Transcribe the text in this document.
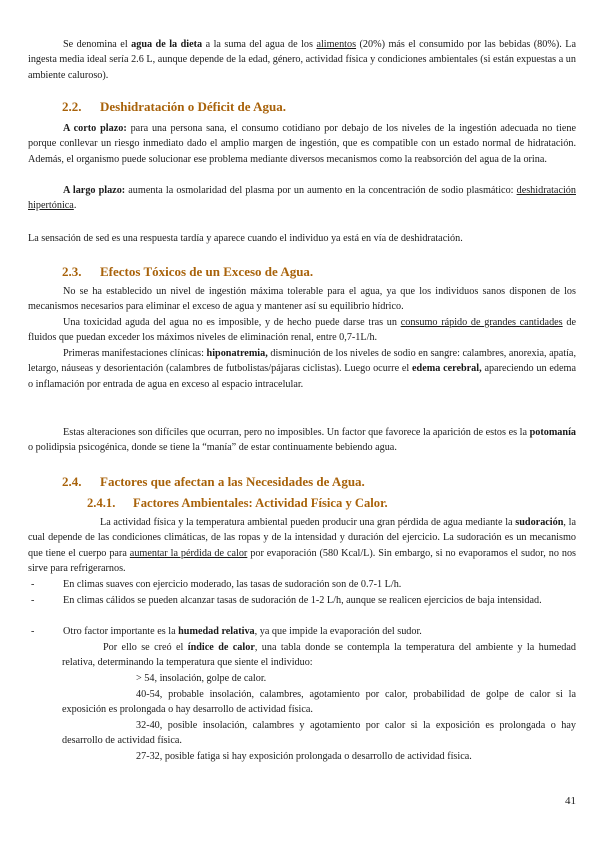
Se denomina el agua de la dieta a la suma del agua de los alimentos (20%) más el consumido por las bebidas (80%). La ingesta media ideal sería 2.6 L, aunque depende de la edad, género, actividad física y condiciones ambientales (si están expuestas a un ambiente caluroso).

2.2. Deshidratación o Déficit de Agua.

A corto plazo: para una persona sana, el consumo cotidiano por debajo de los niveles de la ingestión adecuada no tiene porque conllevar un riesgo inmediato dado el amplio margen de ingestión, que es compatible con un estado normal de hidratación. Además, el organismo puede solucionar ese problema mediante diversos mecanismos como la reabsorción del agua de la orina.

A largo plazo: aumenta la osmolaridad del plasma por un aumento en la concentración de sodio plasmático: deshidratación hipertónica.

La sensación de sed es una respuesta tardía y aparece cuando el individuo ya está en vía de deshidratación.

2.3. Efectos Tóxicos de un Exceso de Agua.

No se ha establecido un nivel de ingestión máxima tolerable para el agua, ya que los individuos sanos disponen de los mecanismos necesarios para eliminar el exceso de agua y mantener así su equilibrio hídrico.

Una toxicidad aguda del agua no es imposible, y de hecho puede darse tras un consumo rápido de grandes cantidades de fluidos que puedan exceder los máximos niveles de eliminación renal, entre 0,7-1L/h.

Primeras manifestaciones clínicas: hiponatremia, disminución de los niveles de sodio en sangre: calambres, anorexia, apatía, letargo, náuseas y desorientación (calambres de futbolistas/pájaras ciclistas). Luego ocurre el edema cerebral, apareciendo un edema o inflamación por entrada de agua en exceso al espacio intracelular.

Estas alteraciones son difíciles que ocurran, pero no imposibles. Un factor que favorece la aparición de estos es la potomanía o polidipsia psicogénica, donde se tiene la “manía” de estar continuamente bebiendo agua.

2.4. Factores que afectan a las Necesidades de Agua.
2.4.1. Factores Ambientales: Actividad Física y Calor.

La actividad física y la temperatura ambiental pueden producir una gran pérdida de agua mediante la sudoración, la cual depende de las condiciones climáticas, de las ropas y de la intensidad y duración del ejercicio. La sudoración es un mecanismo que tiene el cuerpo para aumentar la pérdida de calor por evaporación (580 Kcal/L). Sin embargo, si no evaporamos el sudor, no nos sirve para refrigerarnos.

-	En climas suaves con ejercicio moderado, las tasas de sudoración son de 0.7-1 L/h.
-	En climas cálidos se pueden alcanzar tasas de sudoración de 1-2 L/h, aunque se realicen ejercicios de baja intensidad.
-	Otro factor importante es la humedad relativa, ya que impide la evaporación del sudor.

Por ello se creó el índice de calor, una tabla donde se contempla la temperatura del ambiente y la humedad relativa, determinando la temperatura que siente el individuo:

> 54, insolación, golpe de calor.

40-54, probable insolación, calambres, agotamiento por calor, probabilidad de golpe de calor si la exposición es prolongada o hay desarrollo de actividad física.

32-40, posible insolación, calambres y agotamiento por calor si la exposición es prolongada o hay desarrollo de actividad física.

27-32, posible fatiga si hay exposición prolongada o desarrollo de actividad física.

41
